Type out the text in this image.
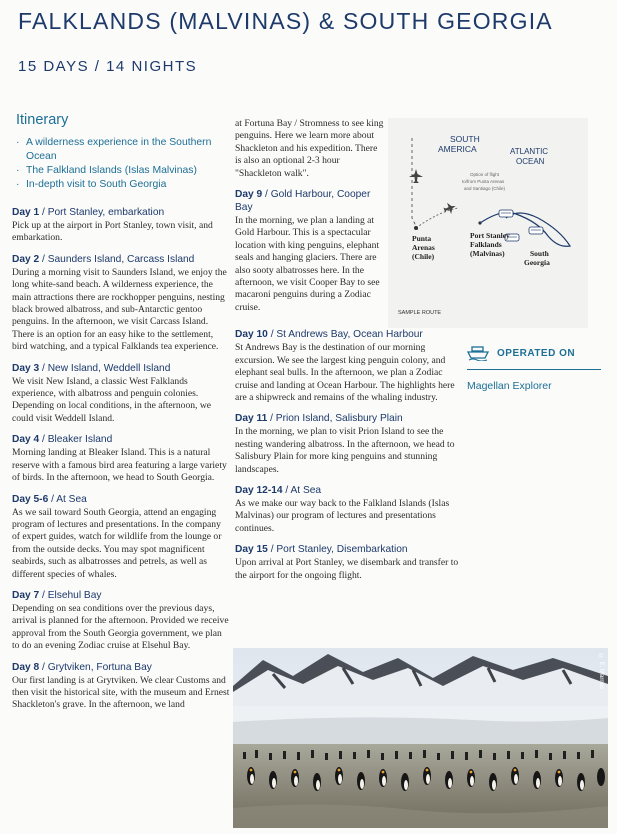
FALKLANDS (MALVINAS) & SOUTH GEORGIA
15 DAYS / 14 NIGHTS
Itinerary
· A wilderness experience in the Southern Ocean
· The Falkland Islands (Islas Malvinas)
· In-depth visit to South Georgia
Day 1 / Port Stanley, embarkation
Pick up at the airport in Port Stanley, town visit, and embarkation.
Day 2 / Saunders Island, Carcass Island
During a morning visit to Saunders Island, we enjoy the long white-sand beach. A wilderness experience, the main attractions there are rockhopper penguins, nesting black browed albatross, and sub-Antarctic gentoo penguins. In the afternoon, we visit Carcass Island. There is an option for an easy hike to the settlement, bird watching, and a typical Falklands tea experience.
Day 3 / New Island, Weddell Island
We visit New Island, a classic West Falklands experience, with albatross and penguin colonies. Depending on local conditions, in the afternoon, we could visit Weddell Island.
Day 4 / Bleaker Island
Morning landing at Bleaker Island. This is a natural reserve with a famous bird area featuring a large variety of birds. In the afternoon, we head to South Georgia.
Day 5-6 / At Sea
As we sail toward South Georgia, attend an engaging program of lectures and presentations. In the company of expert guides, watch for wildlife from the lounge or from the outside decks. You may spot magnificent seabirds, such as albatrosses and petrels, as well as different species of whales.
Day 7 / Elsehul Bay
Depending on sea conditions over the previous days, arrival is planned for the afternoon. Provided we receive approval from the South Georgia government, we plan to do an evening Zodiac cruise at Elsehul Bay.
Day 8 / Grytviken, Fortuna Bay
Our first landing is at Grytviken. We clear Customs and then visit the historical site, with the museum and Ernest Shackleton's grave. In the afternoon, we land
at Fortuna Bay / Stromness to see king penguins. Here we learn more about Shackleton and his expedition. There is also an optional 2-3 hour "Shackleton walk".
Day 9 / Gold Harbour, Cooper Bay
In the morning, we plan a landing at Gold Harbour. This is a spectacular location with king penguins, elephant seals and hanging glaciers. There are also sooty albatrosses here. In the afternoon, we visit Cooper Bay to see macaroni penguins during a Zodiac cruise.
Day 10 / St Andrews Bay, Ocean Harbour
St Andrews Bay is the destination of our morning excursion. We see the largest king penguin colony, and elephant seal bulls. In the afternoon, we plan a Zodiac cruise and landing at Ocean Harbour. The highlights here are a shipwreck and remains of the whaling industry.
Day 11 / Prion Island, Salisbury Plain
In the morning, we plan to visit Prion Island to see the nesting wandering albatross. In the afternoon, we head to Salisbury Plain for more king penguins and stunning landscapes.
Day 12-14 / At Sea
As we make our way back to the Falkland Islands (Islas Malvinas) our program of lectures and presentations continues.
Day 15 / Port Stanley, Disembarkation
Upon arrival at Port Stanley, we disembark and transfer to the airport for the ongoing flight.
SOUTH
AMERICA	ATLANTIC
OCEAN
Option of flight
to/from Punta Arenas
and Santiago (Chile)
Punta
Arenas
(Chile)
Port Stanley
Falklands
(Malvinas)	South
Georgia
SAMPLE ROUTE
OPERATED ON
Magellan Explorer
© E. Marnas
